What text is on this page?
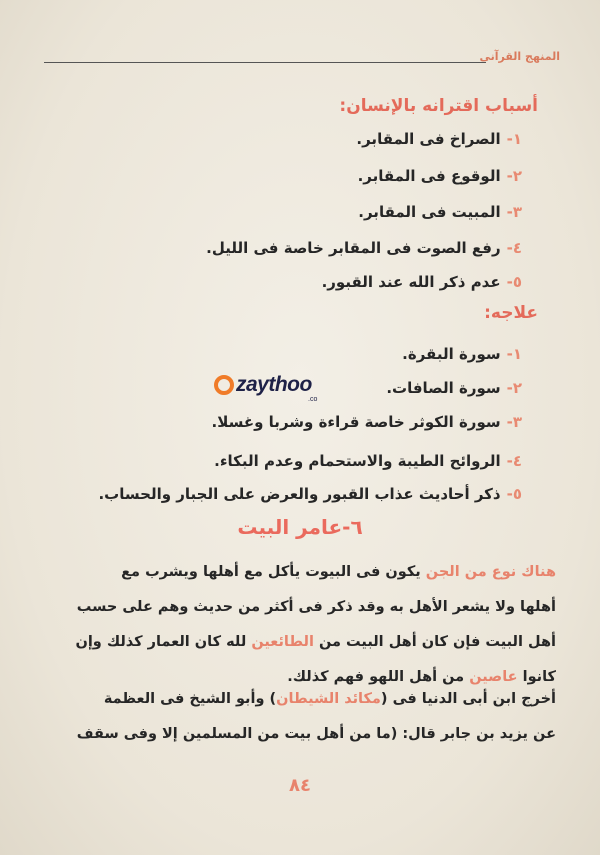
المنهج القرآنى
أسباب اقترانه بالإنسان:
١-الصراخ فى المقابر.
٢-الوقوع فى المقابر.
٣-المبيت فى المقابر.
٤-رفع الصوت فى المقابر خاصة فى الليل.
٥-عدم ذكر الله عند القبور.
علاجه:
١-سورة البقرة.
٢-سورة الصافات.
٣-سورة الكوثر خاصة قراءة وشربا وغسلا.
٤-الروائح الطيبة والاستحمام وعدم البكاء.
٥-ذكر أحاديث عذاب القبور والعرض على الجبار والحساب.
zaythoo
.co
٦-عامر البيت
هناك نوع من الجن يكون فى البيوت يأكل مع أهلها ويشرب مع
أهلها ولا يشعر الأهل به وقد ذكر فى أكثر من حديث وهم على حسب
أهل البيت فإن كان أهل البيت من الطائعين لله كان العمار كذلك وإن
كانوا عاصين من أهل اللهو فهم كذلك.
أخرج ابن أبى الدنيا فى (مكائد الشيطان) وأبو الشيخ فى العظمة
عن يزيد بن جابر قال: (ما من أهل بيت من المسلمين إلا وفى سقف
٨٤
